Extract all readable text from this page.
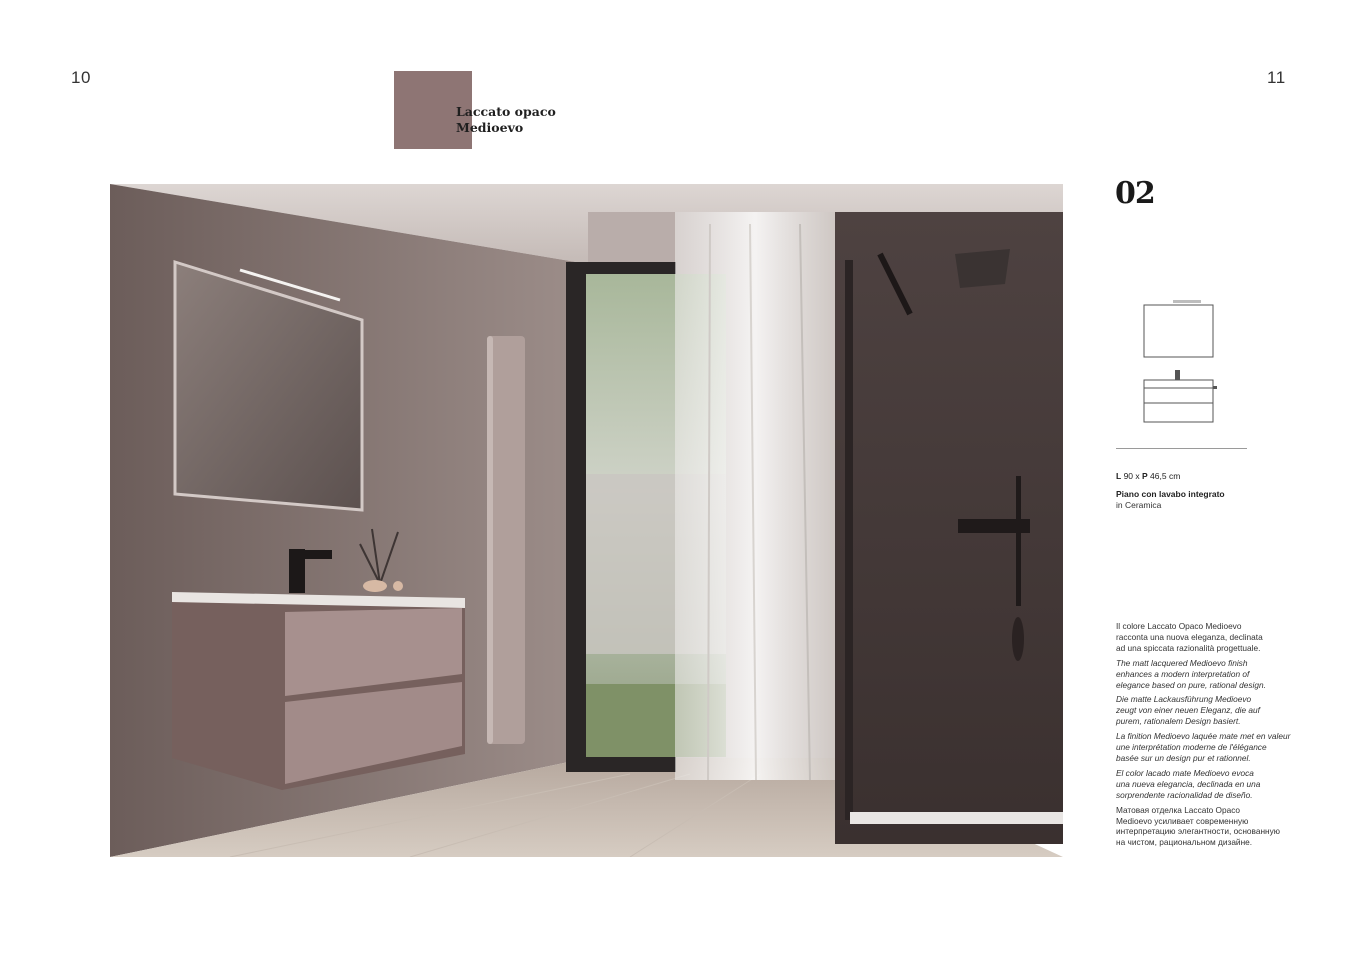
10	11
Laccato opaco
Medioevo
02
L 90 x P 46,5 cm
Piano con lavabo integrato
in Ceramica

Il colore Laccato Opaco Medioevo
racconta una nuova eleganza, declinata
ad una spiccata razionalità progettuale.

The matt lacquered Medioevo finish
enhances a modern interpretation of
elegance based on pure, rational design.

Die matte Lackausführung Medioevo
zeugt von einer neuen Eleganz, die auf
purem, rationalem Design basiert.

La finition Medioevo laquée mate met en valeur
une interprétation moderne de l'élégance
basée sur un design pur et rationnel.

El color lacado mate Medioevo evoca
una nueva elegancia, declinada en una
sorprendente racionalidad de diseño.

Матовая отделка Laccato Opaco
Medioevo усиливает современную
интерпретацию элегантности, основанную
на чистом, рациональном дизайне.
